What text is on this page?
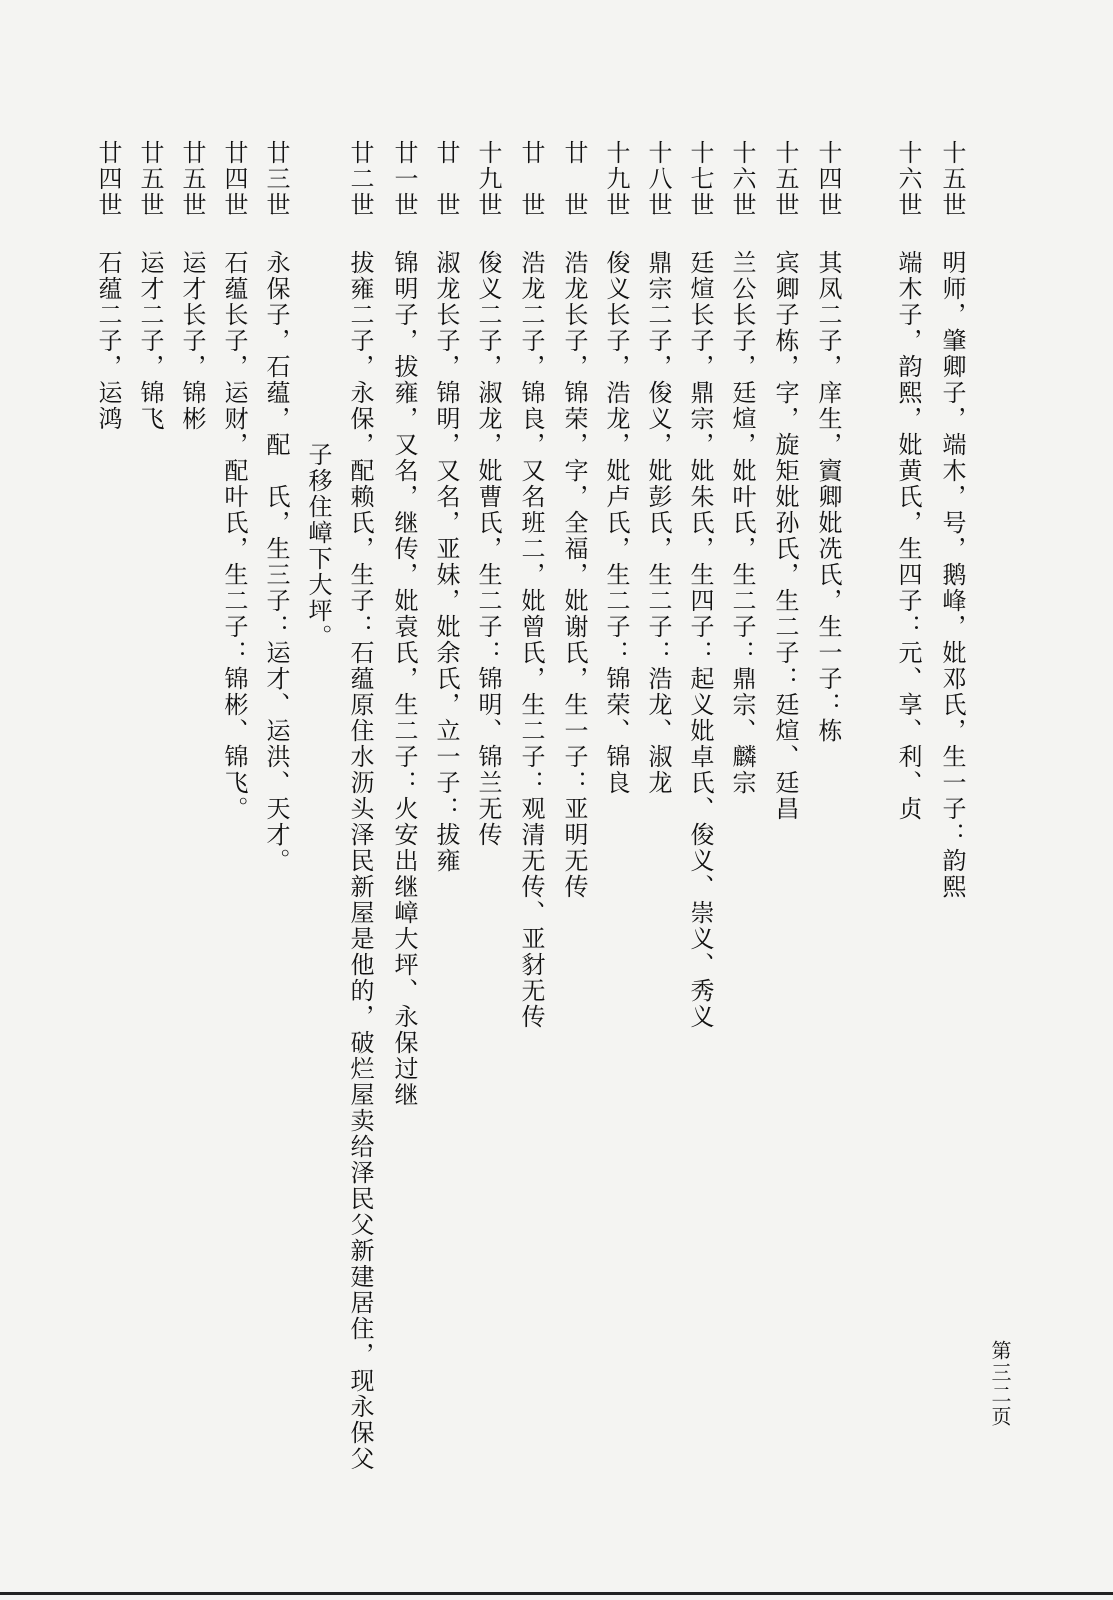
十五世明师，肇卿子，端木，号，鹅峰，妣邓氏，生一子：韵熙
十六世端木子，韵熙，妣黄氏，生四子：元、享、利、贞
十四世其凤二子，庠生，賨卿妣冼氏，生一子：栋
十五世宾卿子栋，字，旋矩妣孙氏，生二子：廷煊、廷昌
十六世兰公长子，廷煊，妣叶氏，生二子：鼎宗、麟宗
十七世廷煊长子，鼎宗，妣朱氏，生四子：起义妣卓氏、俊义、崇义、秀义
十八世鼎宗二子，俊义，妣彭氏，生二子：浩龙、淑龙
十九世俊义长子，浩龙，妣卢氏，生二子：锦荣、锦良
廿　世浩龙长子，锦荣，字，全福，妣谢氏，生一子：亚明无传
廿　世浩龙二子，锦良，又名班二，妣曾氏，生二子：观清无传、亚豺无传
十九世俊义二子，淑龙，妣曹氏，生二子：锦明、锦兰无传
廿　世淑龙长子，锦明，又名，亚妹，妣余氏，立一子：拔雍
廿一世锦明子，拔雍，又名，继传，妣袁氏，生二子：火安出继嶂大坪、永保过继
廿二世拔雍二子，永保，配赖氏，生子：石蕴原住水沥头泽民新屋是他的，破烂屋卖给泽民父新建居住，现永保父
子移住嶂下大坪。
廿三世永保子，石蕴，配　氏，生三子：运才、运洪、天才。
廿四世石蕴长子，运财，配叶氏，生二子：锦彬、锦飞。
廿五世运才长子，锦彬
廿五世运才二子，锦飞
廿四世石蕴二子，运鸿
第三二页
